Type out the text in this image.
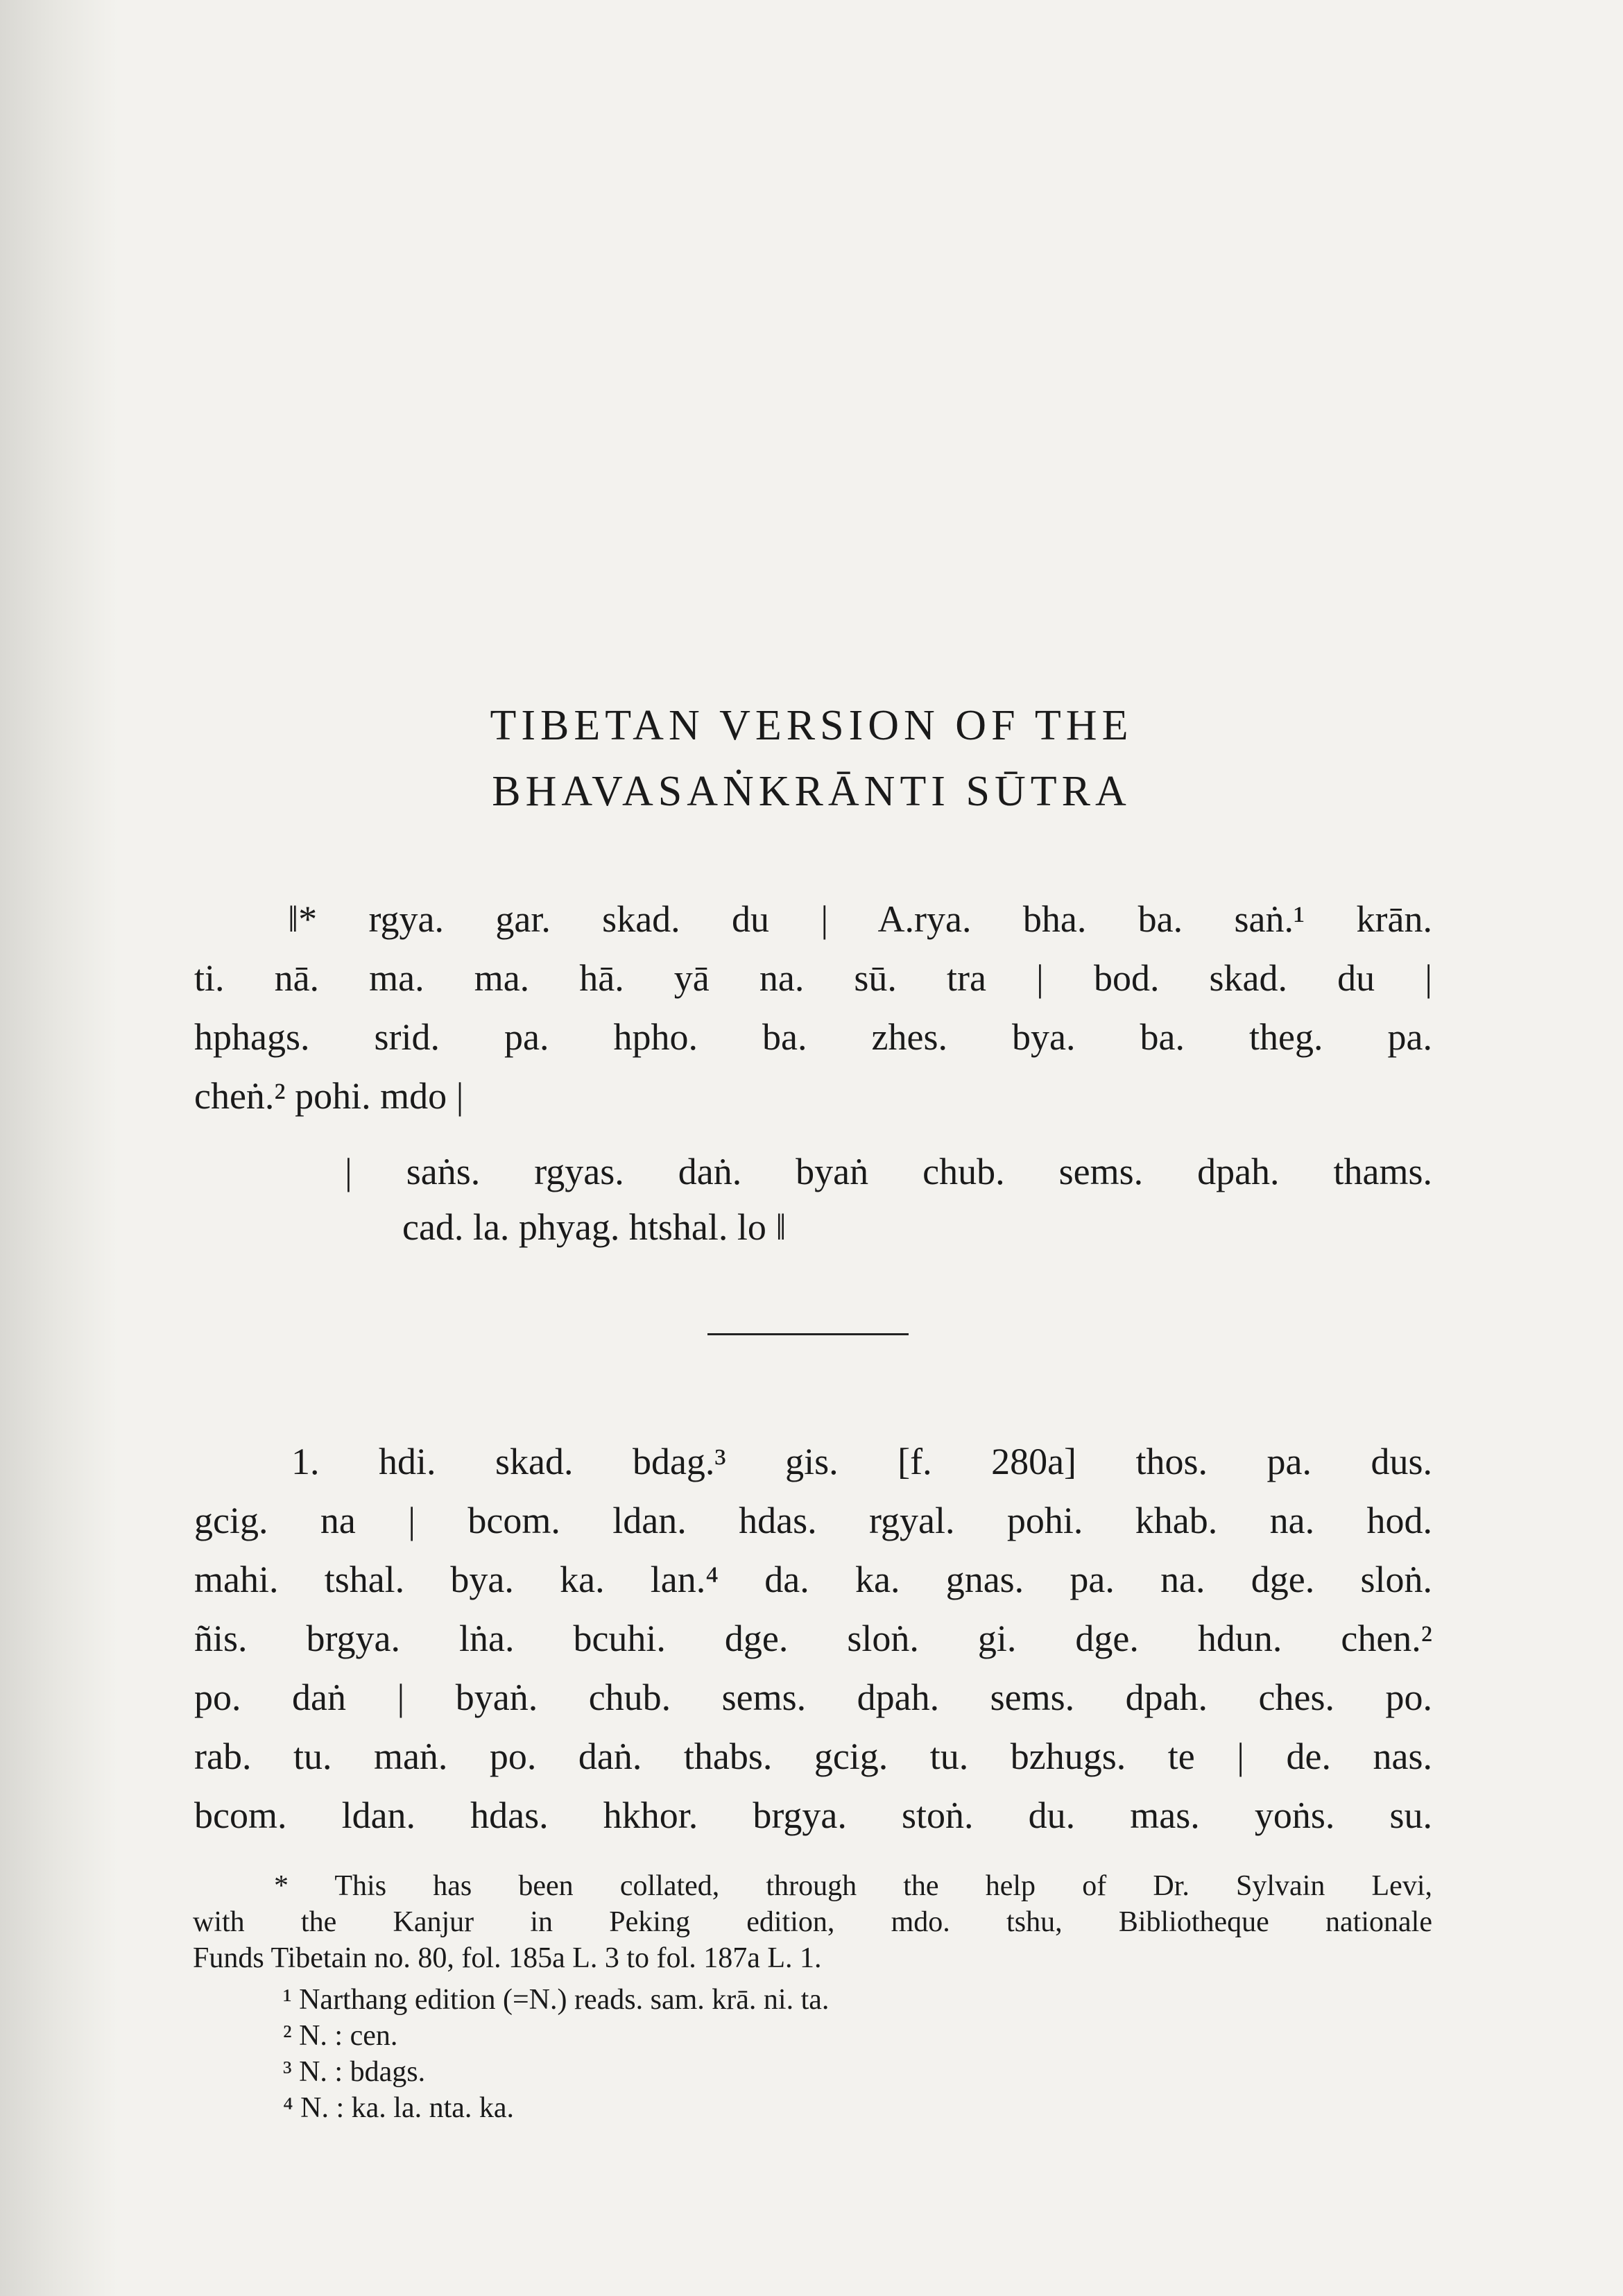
TIBETAN VERSION OF THE
BHAVASAṄKRĀNTI SŪTRA
‖* rgya. gar. skad. du | A.rya. bha. ba. saṅ.¹ krān.
ti. nā. ma. ma. hā. yā na. sū. tra | bod. skad. du |
hphags. srid. pa. hpho. ba. zhes. bya. ba. theg. pa.
cheṅ.² pohi. mdo |
| saṅs. rgyas. daṅ. byaṅ chub. sems. dpah. thams.
cad. la. phyag. htshal. lo ‖
1. hdi. skad. bdag.³ gis. [f. 280a] thos. pa. dus.
gcig. na | bcom. ldan. hdas. rgyal. pohi. khab. na. hod.
mahi. tshal. bya. ka. lan.⁴ da. ka. gnas. pa. na. dge. sloṅ.
ñis. brgya. lṅa. bcuhi. dge. sloṅ. gi. dge. hdun. chen.²
po. daṅ | byaṅ. chub. sems. dpah. sems. dpah. ches. po.
rab. tu. maṅ. po. daṅ. thabs. gcig. tu. bzhugs. te | de. nas.
bcom. ldan. hdas. hkhor. brgya. stoṅ. du. mas. yoṅs. su.
* This has been collated, through the help of Dr. Sylvain Levi,
with the Kanjur in Peking edition, mdo. tshu, Bibliotheque nationale
Funds Tibetain no. 80, fol. 185a L. 3 to fol. 187a L. 1.
¹ Narthang edition (=N.) reads. sam. krā. ni. ta.
² N. : cen.
³ N. : bdags.
⁴ N. : ka. la. nta. ka.
